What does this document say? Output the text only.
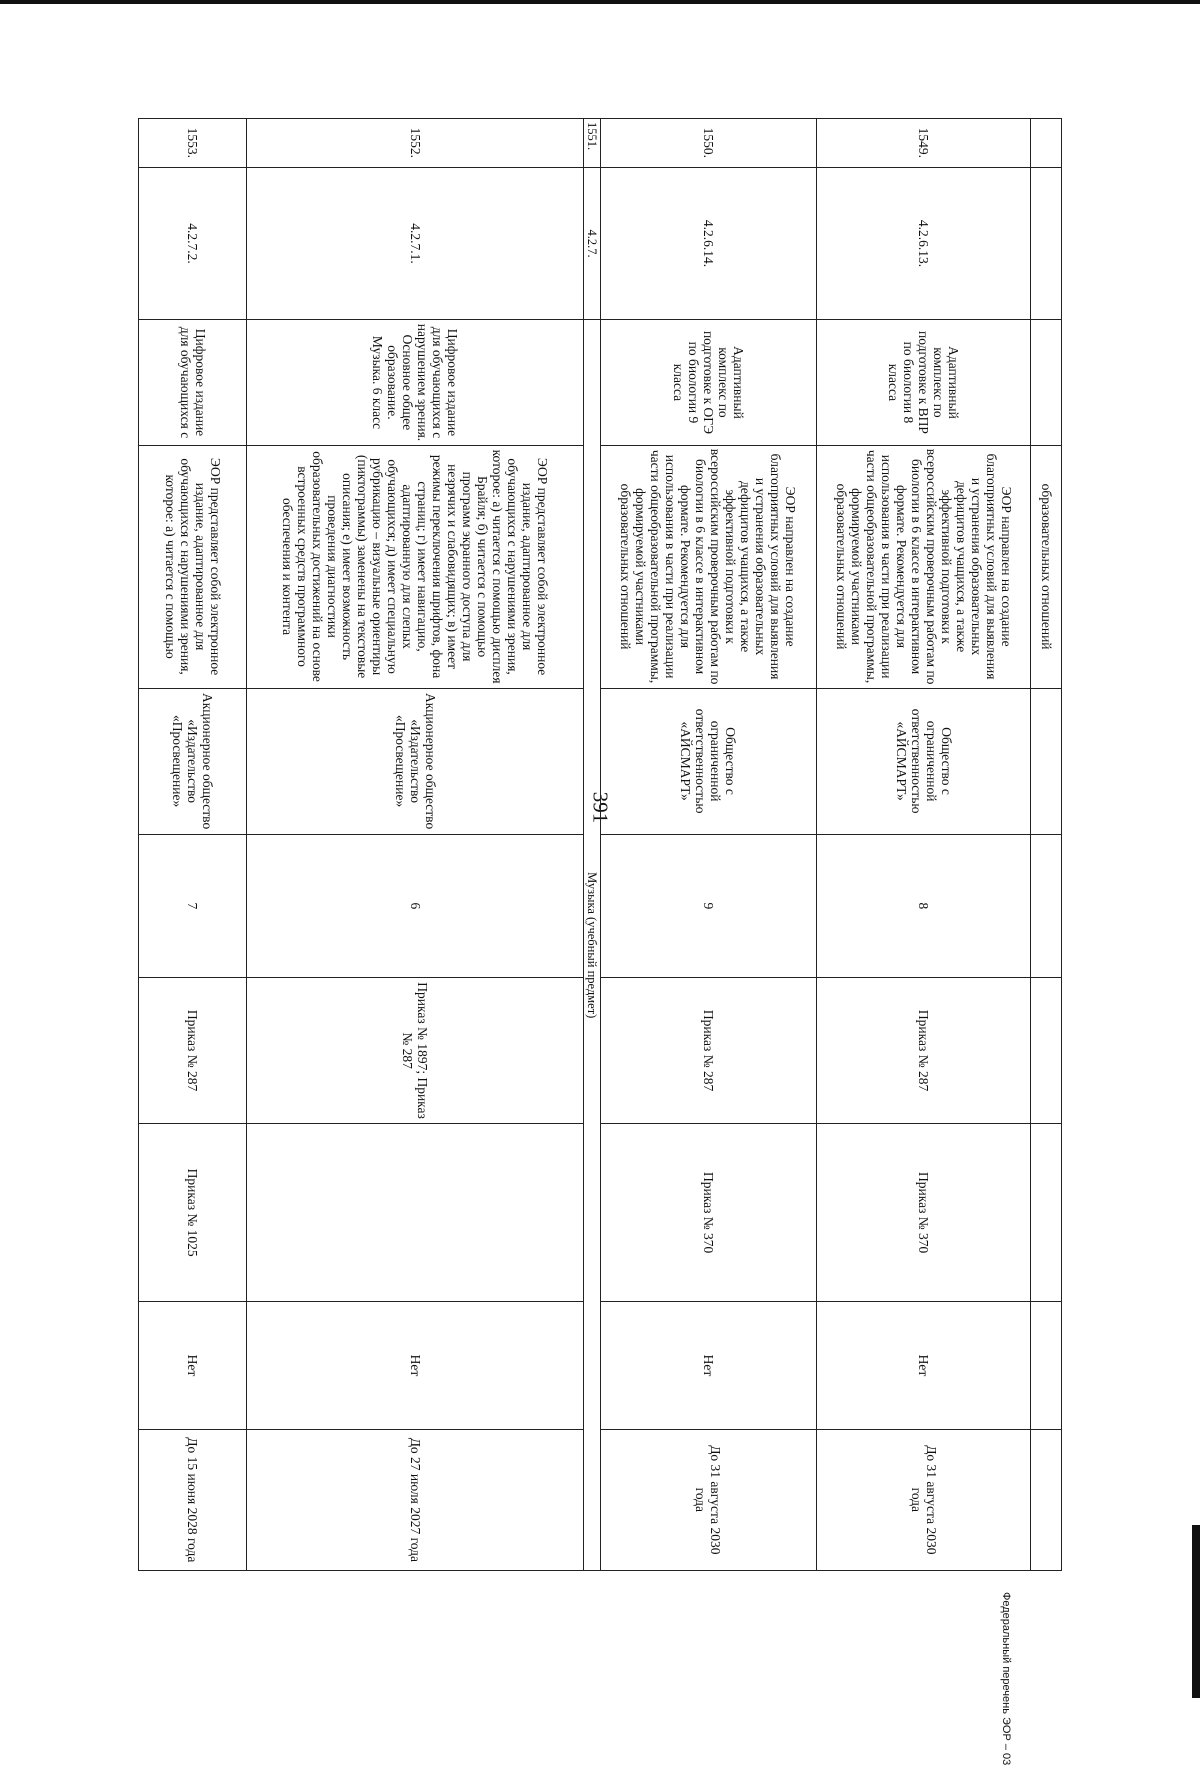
391
			образовательных отношений						
1549.	4.2.6.13.	Адаптивный комплекс по подготовке к ВПР по биологии 8 класса	ЭОР направлен на создание благоприятных условий для выявления и устранения образовательных дефицитов учащихся, а также эффективной подготовки к всероссийским проверочным работам по биологии в 6 классе в интерактивном формате. Рекомендуется для использования в части при реализации части общеобразовательной программы, формируемой участниками образовательных отношений	Общество с ограниченной ответственностью «АЙСМАРТ»	8	Приказ № 287	Приказ № 370	Нет	До 31 августа 2030 года
1550.	4.2.6.14.	Адаптивный комплекс по подготовке к ОГЭ по биологии 9 класса	ЭОР направлен на создание благоприятных условий для выявления и устранения образовательных дефицитов учащихся, а также эффективной подготовки к всероссийским проверочным работам по биологии в 6 классе в интерактивном формате. Рекомендуется для использования в части при реализации части общеобразовательной программы, формируемой участниками образовательных отношений	Общество с ограниченной ответственностью «АЙСМАРТ»	9	Приказ № 287	Приказ № 370	Нет	До 31 августа 2030 года
1551.	4.2.7.	Музыка (учебный предмет)							
1552.	4.2.7.1.	Цифровое издание для обучающихся с нарушением зрения. Основное общее образование. Музыка. 6 класс	ЭОР представляет собой электронное издание, адаптированное для обучающихся с нарушениями зрения, которое: а) читается с помощью дисплея Брайля; б) читается с помощью программ экранного доступа для незрячих и слабовидящих; в) имеет режимы переключения шрифтов, фона страниц; г) имеет навигацию, адаптированную для слепых обучающихся; д) имеет специальную рубрикацию – визуальные ориентиры (пиктограммы) заменены на текстовые описания; е) имеет возможность проведения диагностики образовательных достижений на основе встроенных средств программного обеспечения и контента	Акционерное общество «Издательство «Просвещение»	6	Приказ № 1897; Приказ № 287		Нет	До 27 июля 2027 года
1553.	4.2.7.2.	Цифровое издание для обучающихся с	ЭОР представляет собой электронное издание, адаптированное для обучающихся с нарушениями зрения, которое: а) читается с помощью	Акционерное общество «Издательство «Просвещение»	7	Приказ № 287	Приказ № 1025	Нет	До 15 июня 2028 года
Федеральный перечень ЭОР – 03
